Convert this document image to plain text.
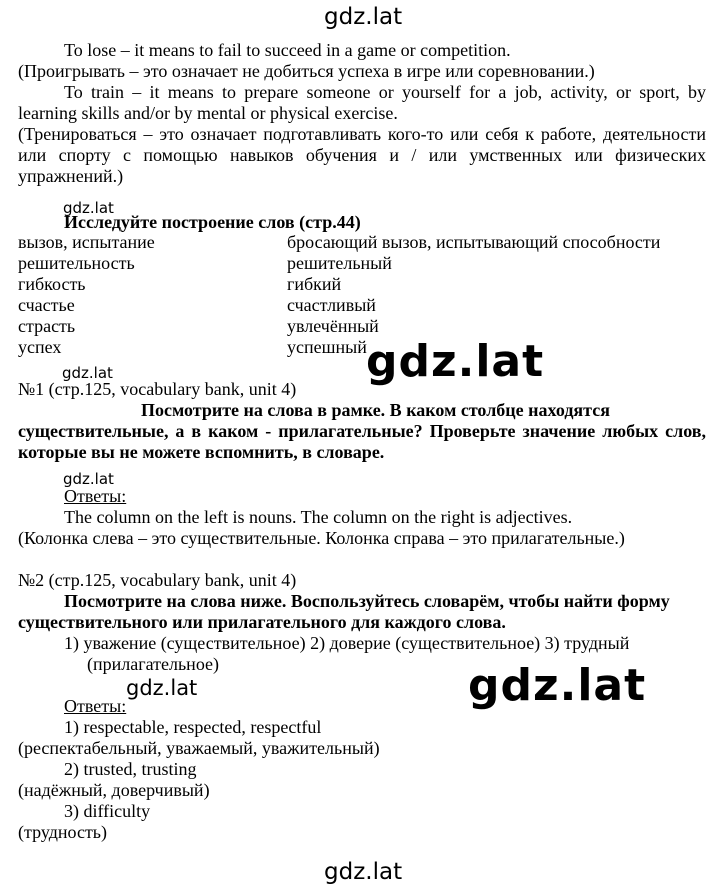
gdz.lat
gdz.lat
gdz.lat
gdz.lat
gdz.lat
gdz.lat	gdz.lat
gdz.lat
To lose – it means to fail to succeed in a game or competition.
(Проигрывать – это означает не добиться успеха в игре или соревновании.)
To train – it means to prepare someone or yourself for a job, activity, or sport, by learning skills and/or by mental or physical exercise.
(Тренироваться – это означает подготавливать кого-то или себя к работе, деятельности или спорту с помощью навыков обучения и / или умственных или физических упражнений.)
Исследуйте построение слов (стр.44)
вызов, испытание	бросающий вызов, испытывающий способности
решительность	решительный
гибкость	гибкий
счастье	счастливый
страсть	увлечённый
успех	успешный
№1 (стр.125, vocabulary bank, unit 4)
Посмотрите на слова в рамке. В каком столбце находятся
существительные, а в каком - прилагательные? Проверьте значение любых слов, которые вы не можете вспомнить, в словаре.
Ответы:
The column on the left is nouns. The column on the right is adjectives.
(Колонка слева – это существительные. Колонка справа – это прилагательные.)
№2 (стр.125, vocabulary bank, unit 4)
Посмотрите на слова ниже. Воспользуйтесь словарём, чтобы найти форму
существительного или прилагательного для каждого слова.
1) уважение (существительное) 2) доверие (существительное) 3) трудный
(прилагательное)
Ответы:
1) respectable, respected, respectful
(респектабельный, уважаемый, уважительный)
2) trusted, trusting
(надёжный, доверчивый)
3) difficulty
(трудность)
